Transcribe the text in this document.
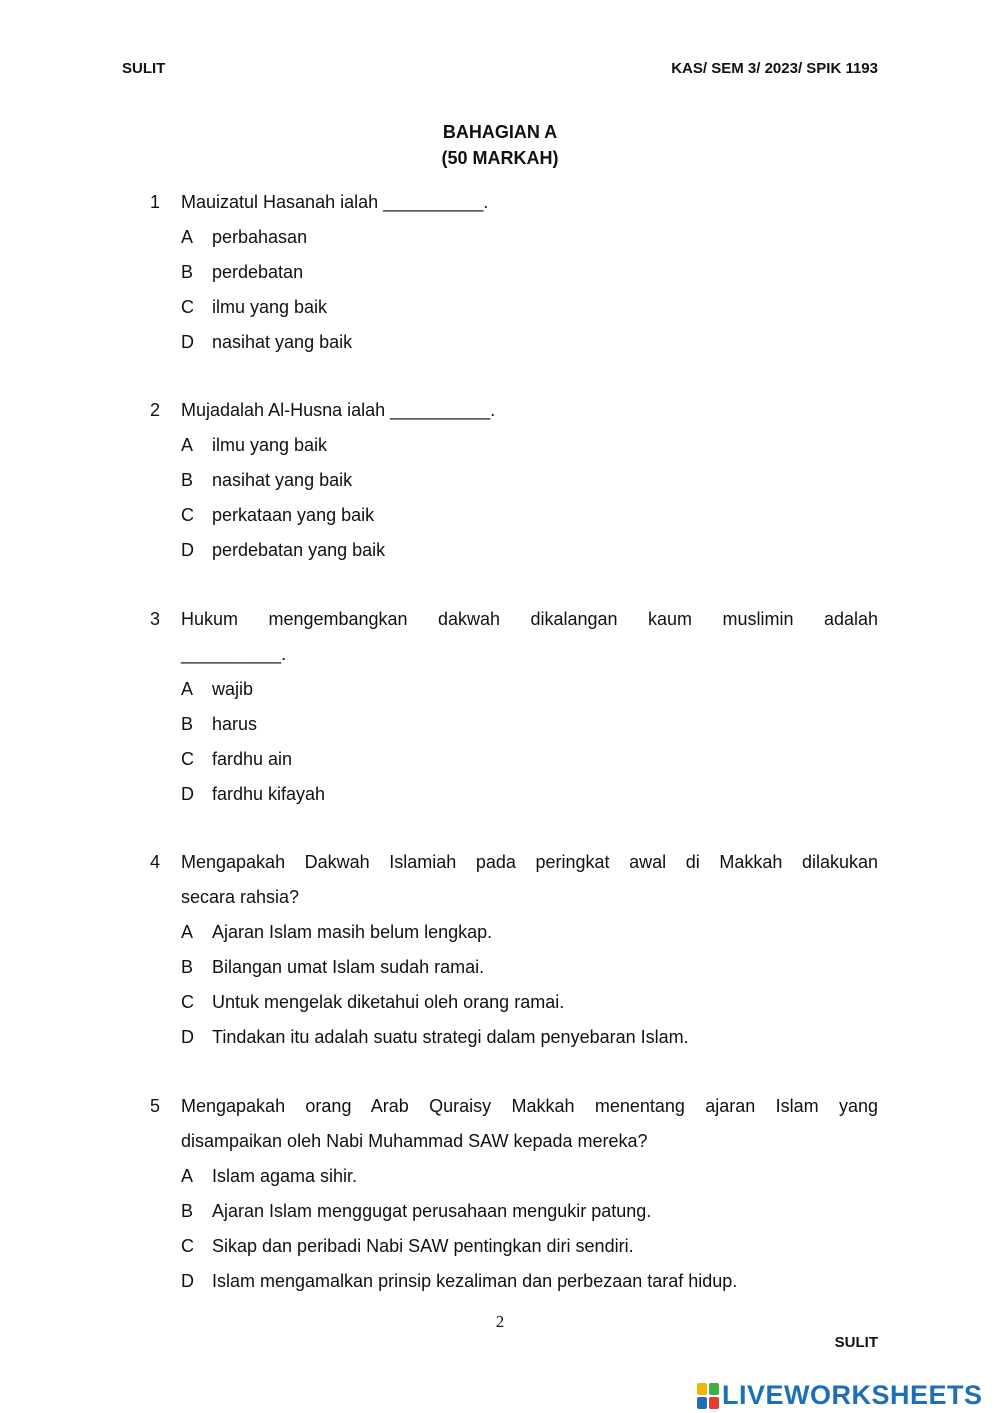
SULIT	KAS/ SEM 3/ 2023/ SPIK 1193
BAHAGIAN A
(50 MARKAH)
1	Mauizatul Hasanah ialah __________.
A	perbahasan
B	perdebatan
C	ilmu yang baik
D	nasihat yang baik
2	Mujadalah Al-Husna ialah __________.
A	ilmu yang baik
B	nasihat yang baik
C	perkataan yang baik
D	perdebatan yang baik
3	Hukum mengembangkan dakwah dikalangan kaum muslimin adalah
__________.
A	wajib
B	harus
C	fardhu ain
D	fardhu kifayah
4	Mengapakah Dakwah Islamiah pada peringkat awal di Makkah dilakukan
secara rahsia?
A	Ajaran Islam masih belum lengkap.
B	Bilangan umat Islam sudah ramai.
C	Untuk mengelak diketahui oleh orang ramai.
D	Tindakan itu adalah suatu strategi dalam penyebaran Islam.
5	Mengapakah orang Arab Quraisy Makkah menentang ajaran Islam yang
disampaikan oleh Nabi Muhammad SAW kepada mereka?
A	Islam agama sihir.
B	Ajaran Islam menggugat perusahaan mengukir patung.
C	Sikap dan peribadi Nabi SAW pentingkan diri sendiri.
D	Islam mengamalkan prinsip kezaliman dan perbezaan taraf hidup.
2
SULIT
LIVEWORKSHEETS
